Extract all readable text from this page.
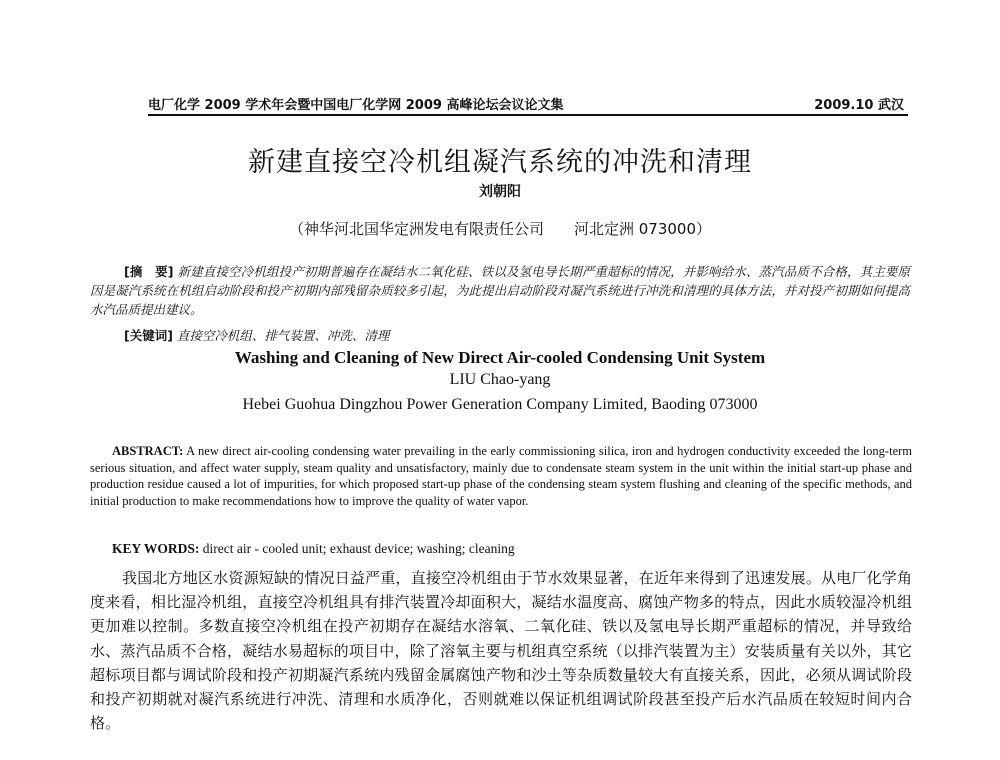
电厂化学 2009 学术年会暨中国电厂化学网 2009 高峰论坛会议论文集	2009.10 武汉
新建直接空冷机组凝汽系统的冲洗和清理
刘朝阳
（神华河北国华定洲发电有限责任公司　　河北定洲 073000）
[摘　要] 新建直接空冷机组投产初期普遍存在凝结水二氧化硅、铁以及氢电导长期严重超标的情况，并影响给水、蒸汽品质不合格，其主要原因是凝汽系统在机组启动阶段和投产初期内部残留杂质较多引起，为此提出启动阶段对凝汽系统进行冲洗和清理的具体方法，并对投产初期如何提高水汽品质提出建议。
[关键词] 直接空冷机组、排气装置、冲洗、清理
Washing and Cleaning of New Direct Air-cooled Condensing Unit System
LIU Chao-yang
Hebei Guohua Dingzhou Power Generation Company Limited, Baoding 073000
ABSTRACT: A new direct air-cooling condensing water prevailing in the early commissioning silica, iron and hydrogen conductivity exceeded the long-term serious situation, and affect water supply, steam quality and unsatisfactory, mainly due to condensate steam system in the unit within the initial start-up phase and production residue caused a lot of impurities, for which proposed start-up phase of the condensing steam system flushing and cleaning of the specific methods, and initial production to make recommendations how to improve the quality of water vapor.
KEY WORDS: direct air - cooled unit; exhaust device; washing; cleaning

我国北方地区水资源短缺的情况日益严重，直接空冷机组由于节水效果显著，在近年来得到了迅速发展。从电厂化学角度来看，相比湿冷机组，直接空冷机组具有排汽装置冷却面积大，凝结水温度高、腐蚀产物多的特点，因此水质较湿冷机组更加难以控制。多数直接空冷机组在投产初期存在凝结水溶氧、二氧化硅、铁以及氢电导长期严重超标的情况，并导致给水、蒸汽品质不合格，凝结水易超标的项目中，除了溶氧主要与机组真空系统（以排汽装置为主）安装质量有关以外，其它超标项目都与调试阶段和投产初期凝汽系统内残留金属腐蚀产物和沙土等杂质数量较大有直接关系，因此，必须从调试阶段和投产初期就对凝汽系统进行冲洗、清理和水质净化，否则就难以保证机组调试阶段甚至投产后水汽品质在较短时间内合格。
